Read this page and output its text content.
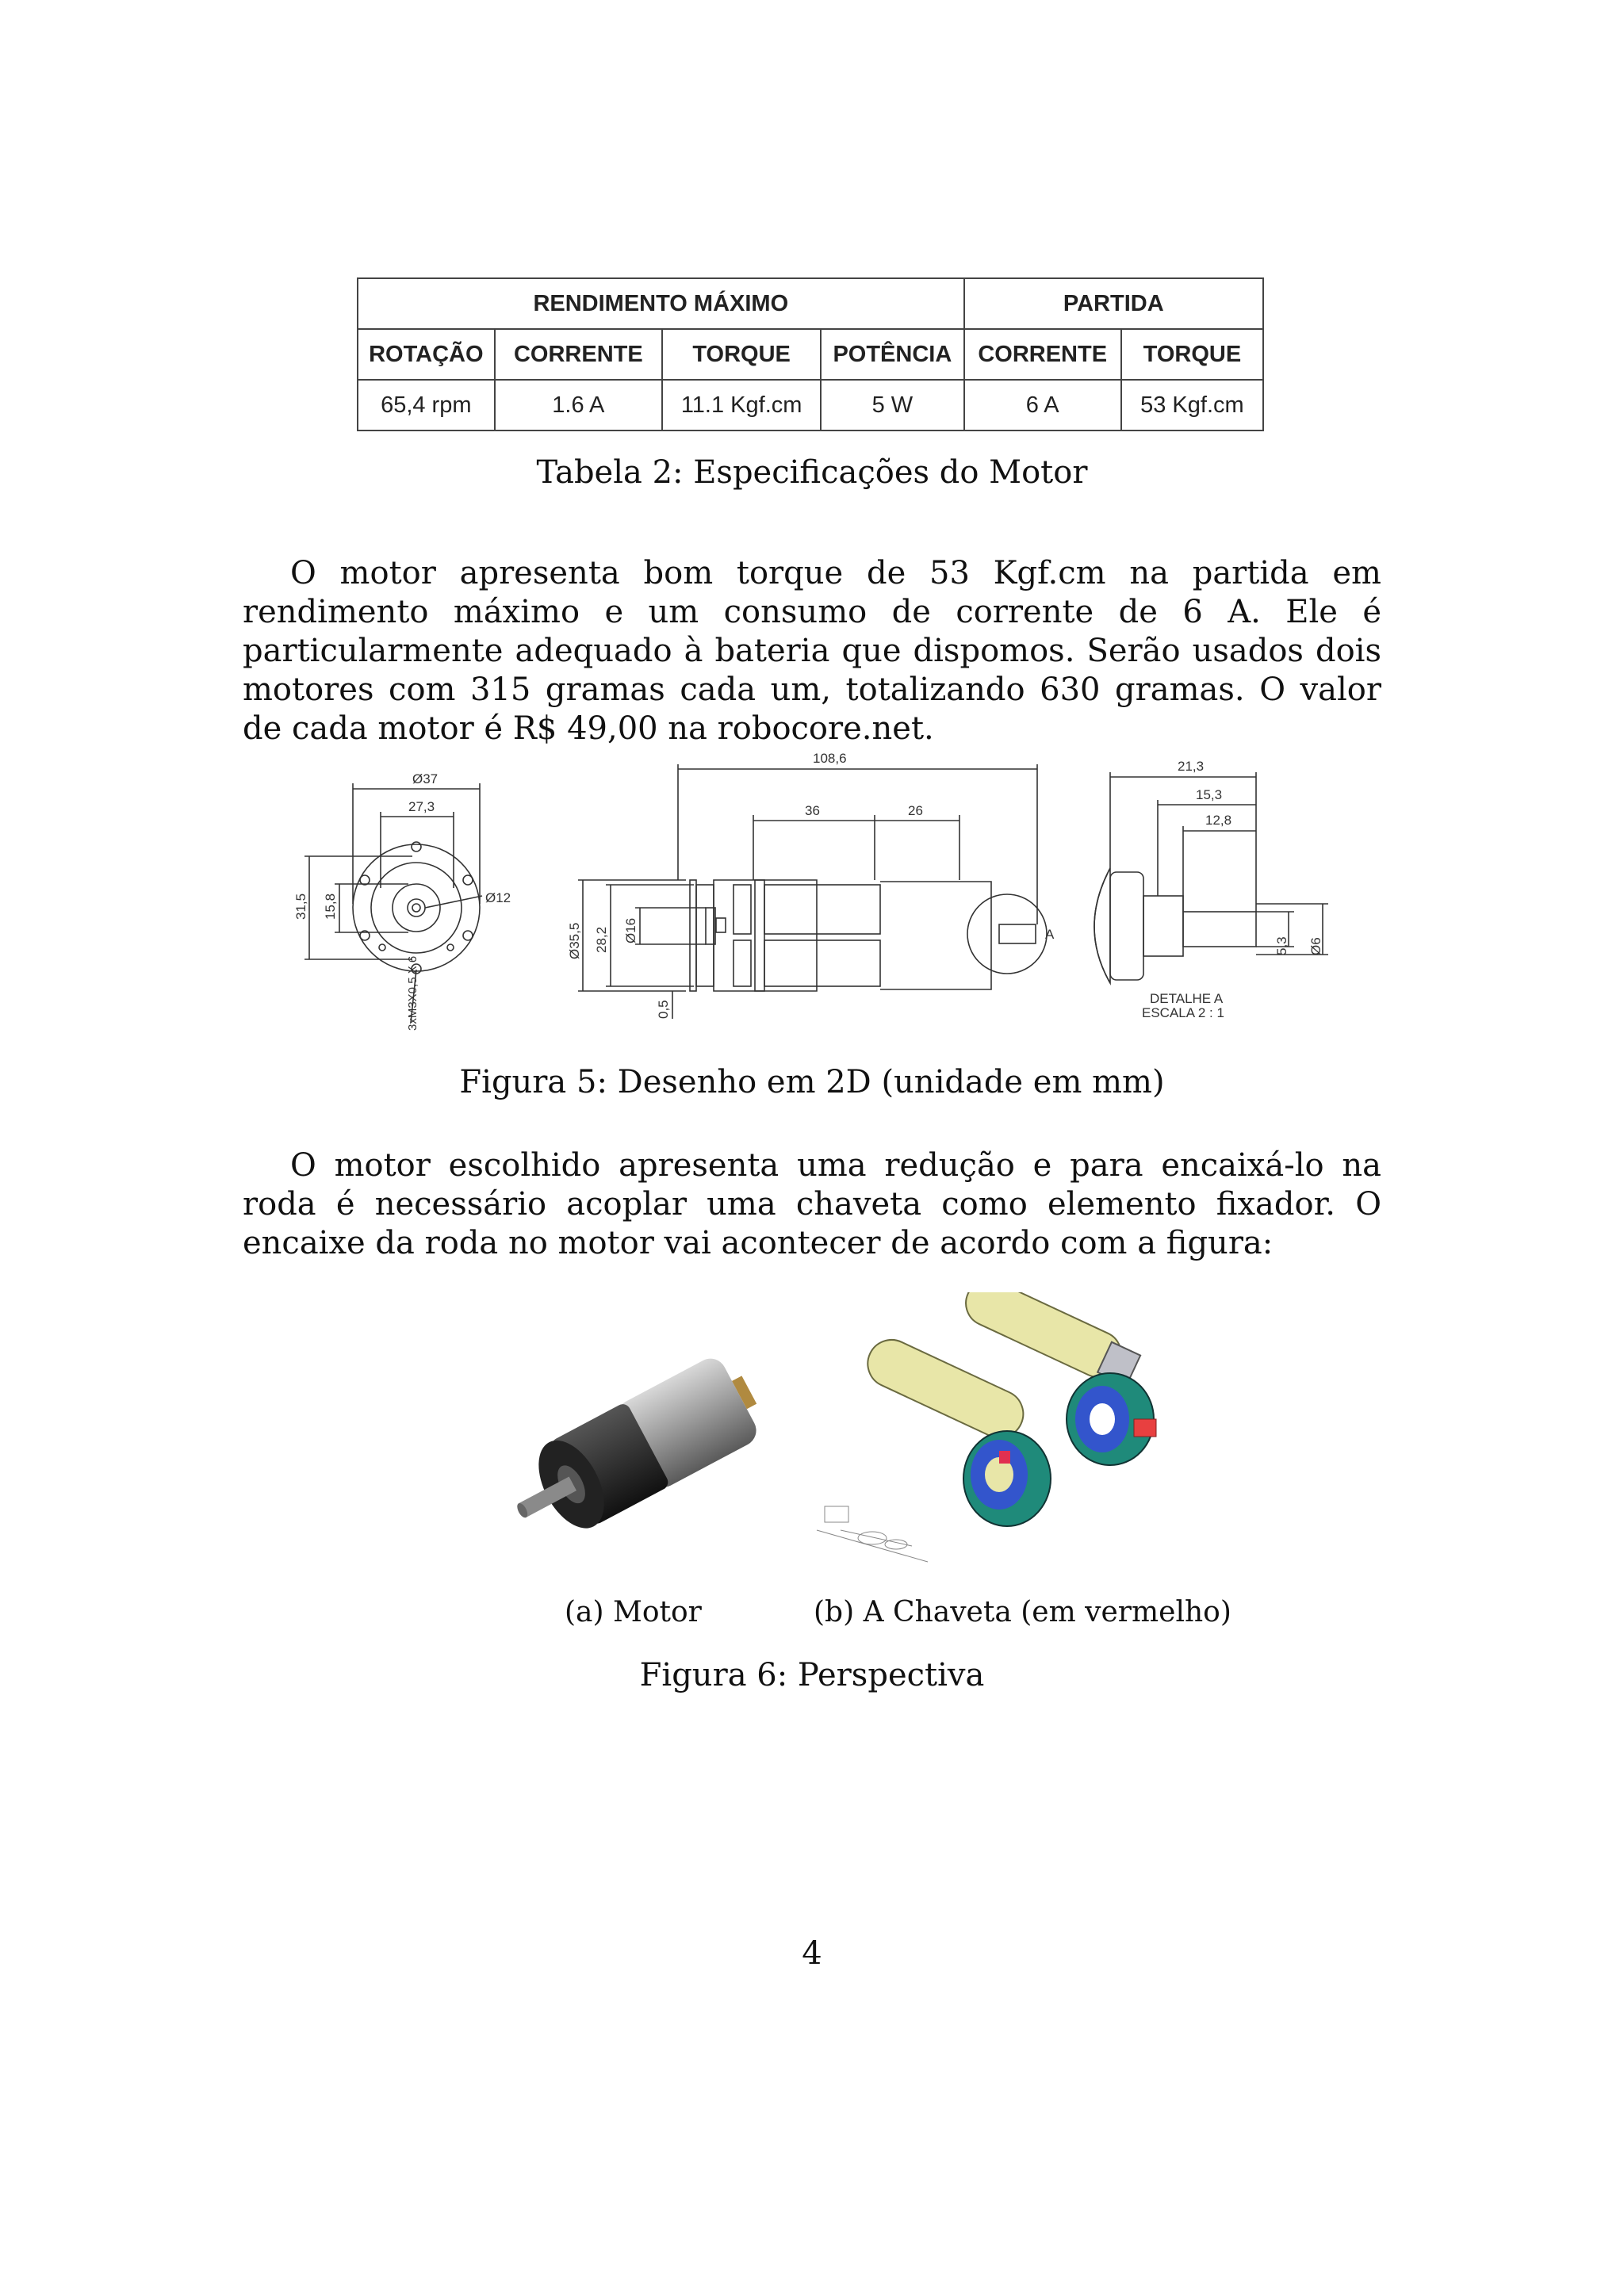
RENDIMENTO MÁXIMO				PARTIDA	
ROTAÇÃO	CORRENTE	TORQUE	POTÊNCIA	CORRENTE	TORQUE
65,4 rpm	1.6 A	11.1 Kgf.cm	5 W	6 A	53 Kgf.cm
Tabela 2: Especificações do Motor

O motor apresenta bom torque de 53 Kgf.cm na partida em rendimento máximo e um consumo de corrente de 6 A. Ele é particularmente adequado à bateria que dispomos. Serão usados dois motores com 315 gramas cada um, totalizando 630 gramas. O valor de cada motor é R$ 49,00 na robocore.net.

Ø37
27,3
31,5 15,8	Ø12
3xM3X0,5 X 6
A
108,6
36	26
Ø35,5 28,2 Ø16
0,5
21,3
15,3
12,8
5,3 Ø6
DETALHE A
ESCALA 2 : 1
Figura 5: Desenho em 2D (unidade em mm)

O motor escolhido apresenta uma redução e para encaixá-lo na roda é necessário acoplar uma chaveta como elemento fixador. O encaixe da roda no motor vai acontecer de acordo com a figura:

(a) Motor	(b) A Chaveta (em vermelho)
Figura 6: Perspectiva
4
